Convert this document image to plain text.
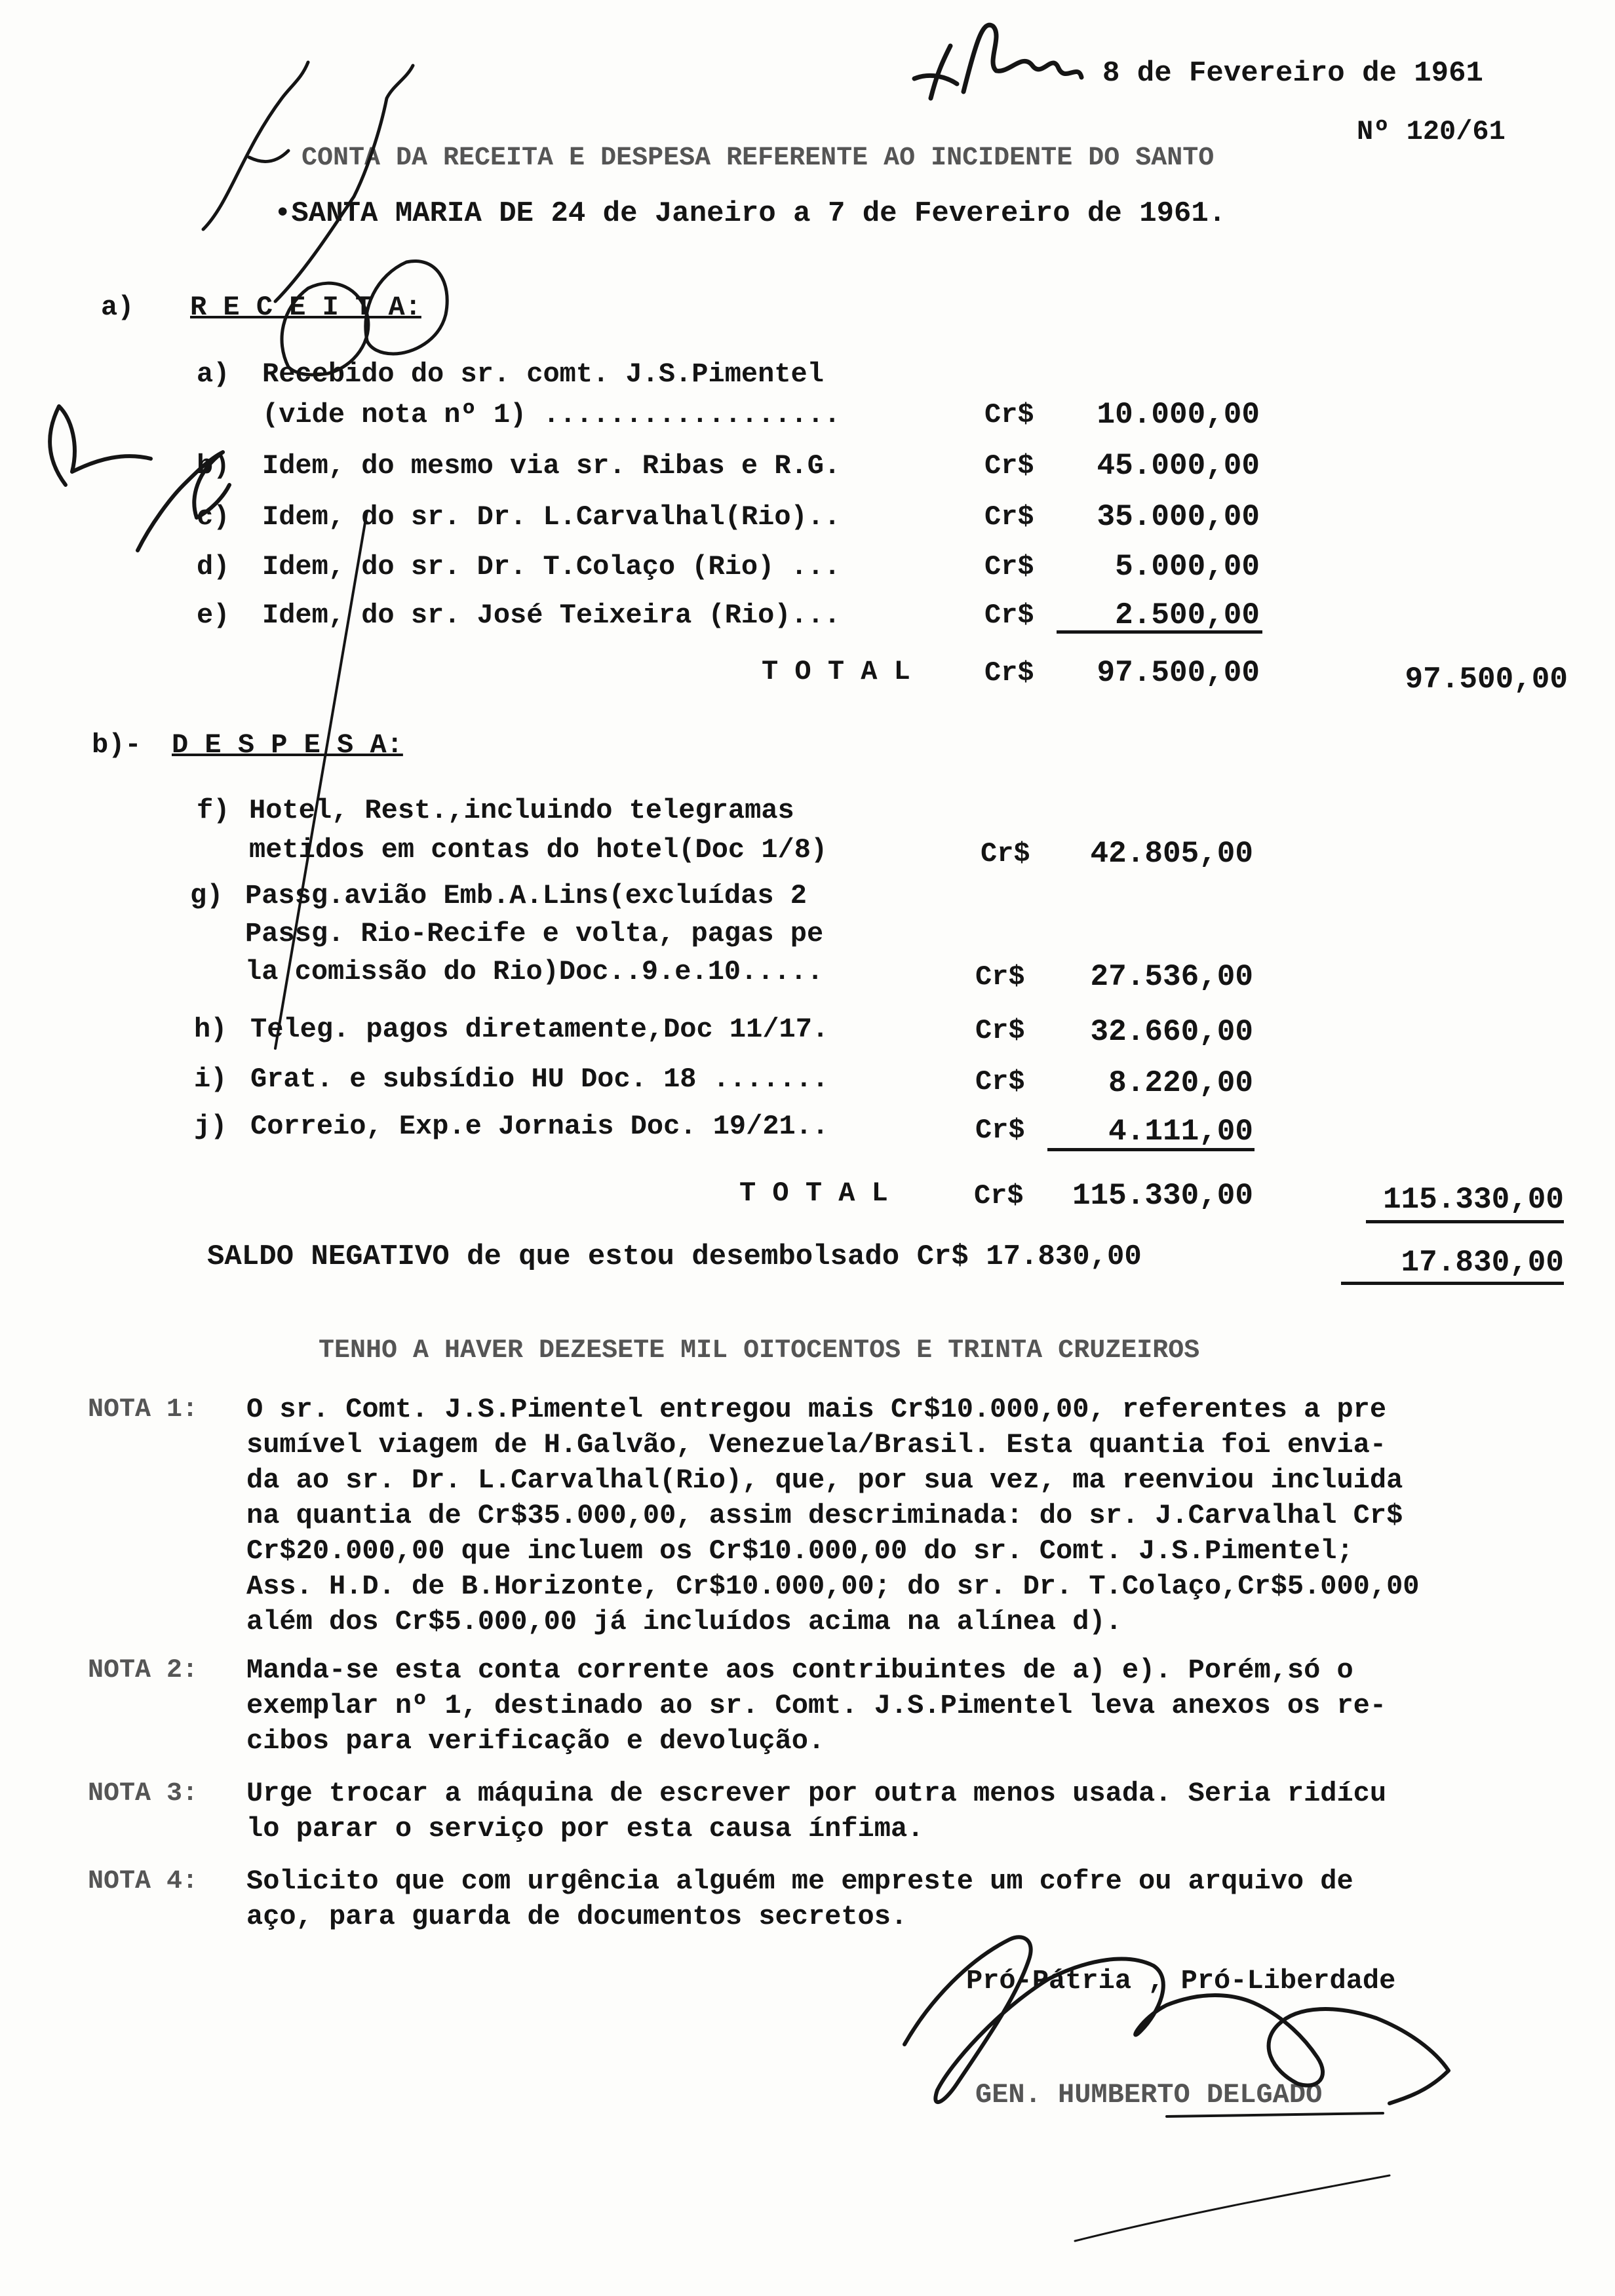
8 de Fevereiro de 1961
Nº 120/61
CONTA DA RECEITA E DESPESA REFERENTE AO INCIDENTE DO SANTO
•SANTA MARIA DE 24 de Janeiro a 7 de Fevereiro de 1961.
a) R E C E I T A:
a) Recebido do sr. comt. J.S.Pimentel
(vide nota nº 1) ..................	Cr$	10.000,00
b) Idem, do mesmo via sr. Ribas e R.G.	Cr$	45.000,00
c) Idem, do sr. Dr. L.Carvalhal(Rio)..	Cr$	35.000,00
d) Idem, do sr. Dr. T.Colaço (Rio) ...	Cr$	5.000,00
e) Idem, do sr. José Teixeira (Rio)...	Cr$	2.500,00
T O T A L	Cr$	97.500,00	97.500,00
b)- D E S P E S A:
f) Hotel, Rest.,incluindo telegramas
metidos em contas do hotel(Doc 1/8)	Cr$	42.805,00
g) Passg.avião Emb.A.Lins(excluídas 2
Passg. Rio-Recife e volta, pagas pe
la comissão do Rio)Doc..9.e.10.....	Cr$	27.536,00
h) Teleg. pagos diretamente,Doc 11/17.	Cr$	32.660,00
i) Grat. e subsídio HU Doc. 18 .......	Cr$	8.220,00
j) Correio, Exp.e Jornais Doc. 19/21..	Cr$	4.111,00
T O T A L	Cr$	115.330,00	115.330,00
SALDO NEGATIVO de que estou desembolsado Cr$ 17.830,00	17.830,00
TENHO A HAVER DEZESETE MIL OITOCENTOS E TRINTA CRUZEIROS
NOTA 1: O sr. Comt. J.S.Pimentel entregou mais Cr$10.000,00, referentes a pre
sumível viagem de H.Galvão, Venezuela/Brasil. Esta quantia foi envia-
da ao sr. Dr. L.Carvalhal(Rio), que, por sua vez, ma reenviou incluida
na quantia de Cr$35.000,00, assim descriminada: do sr. J.Carvalhal Cr$
Cr$20.000,00 que incluem os Cr$10.000,00 do sr. Comt. J.S.Pimentel;
Ass. H.D. de B.Horizonte, Cr$10.000,00; do sr. Dr. T.Colaço,Cr$5.000,00
além dos Cr$5.000,00 já incluídos acima na alínea d).
NOTA 2: Manda-se esta conta corrente aos contribuintes de a) e). Porém,só o
exemplar nº 1, destinado ao sr. Comt. J.S.Pimentel leva anexos os re-
cibos para verificação e devolução.
NOTA 3: Urge trocar a máquina de escrever por outra menos usada. Seria ridícu
lo parar o serviço por esta causa ínfima.
NOTA 4: Solicito que com urgência alguém me empreste um cofre ou arquivo de
aço, para guarda de documentos secretos.
Pró-Pátria , Pró-Liberdade
GEN. HUMBERTO DELGADO
